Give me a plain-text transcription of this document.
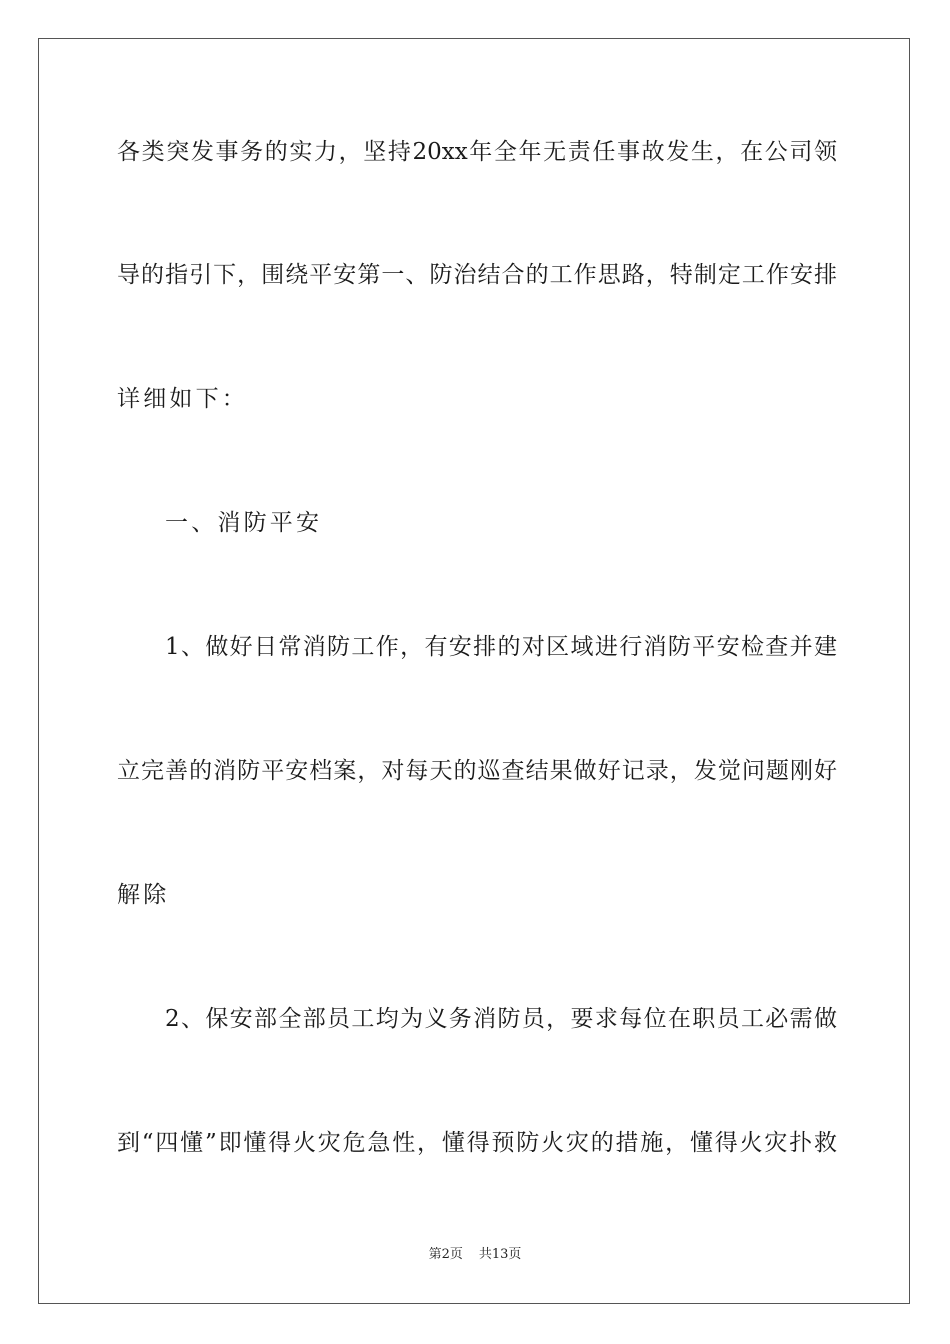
各类突发事务的实力，坚持20xx年全年无责任事故发生，在公司领
导的指引下，围绕平安第一、防治结合的工作思路，特制定工作安排
详细如下：
一、消防平安
1、做好日常消防工作，有安排的对区域进行消防平安检查并建
立完善的消防平安档案，对每天的巡查结果做好记录，发觉问题刚好
解除
2、保安部全部员工均为义务消防员，要求每位在职员工必需做
到“四懂”即懂得火灾危急性，懂得预防火灾的措施，懂得火灾扑救
第2页 共13页
